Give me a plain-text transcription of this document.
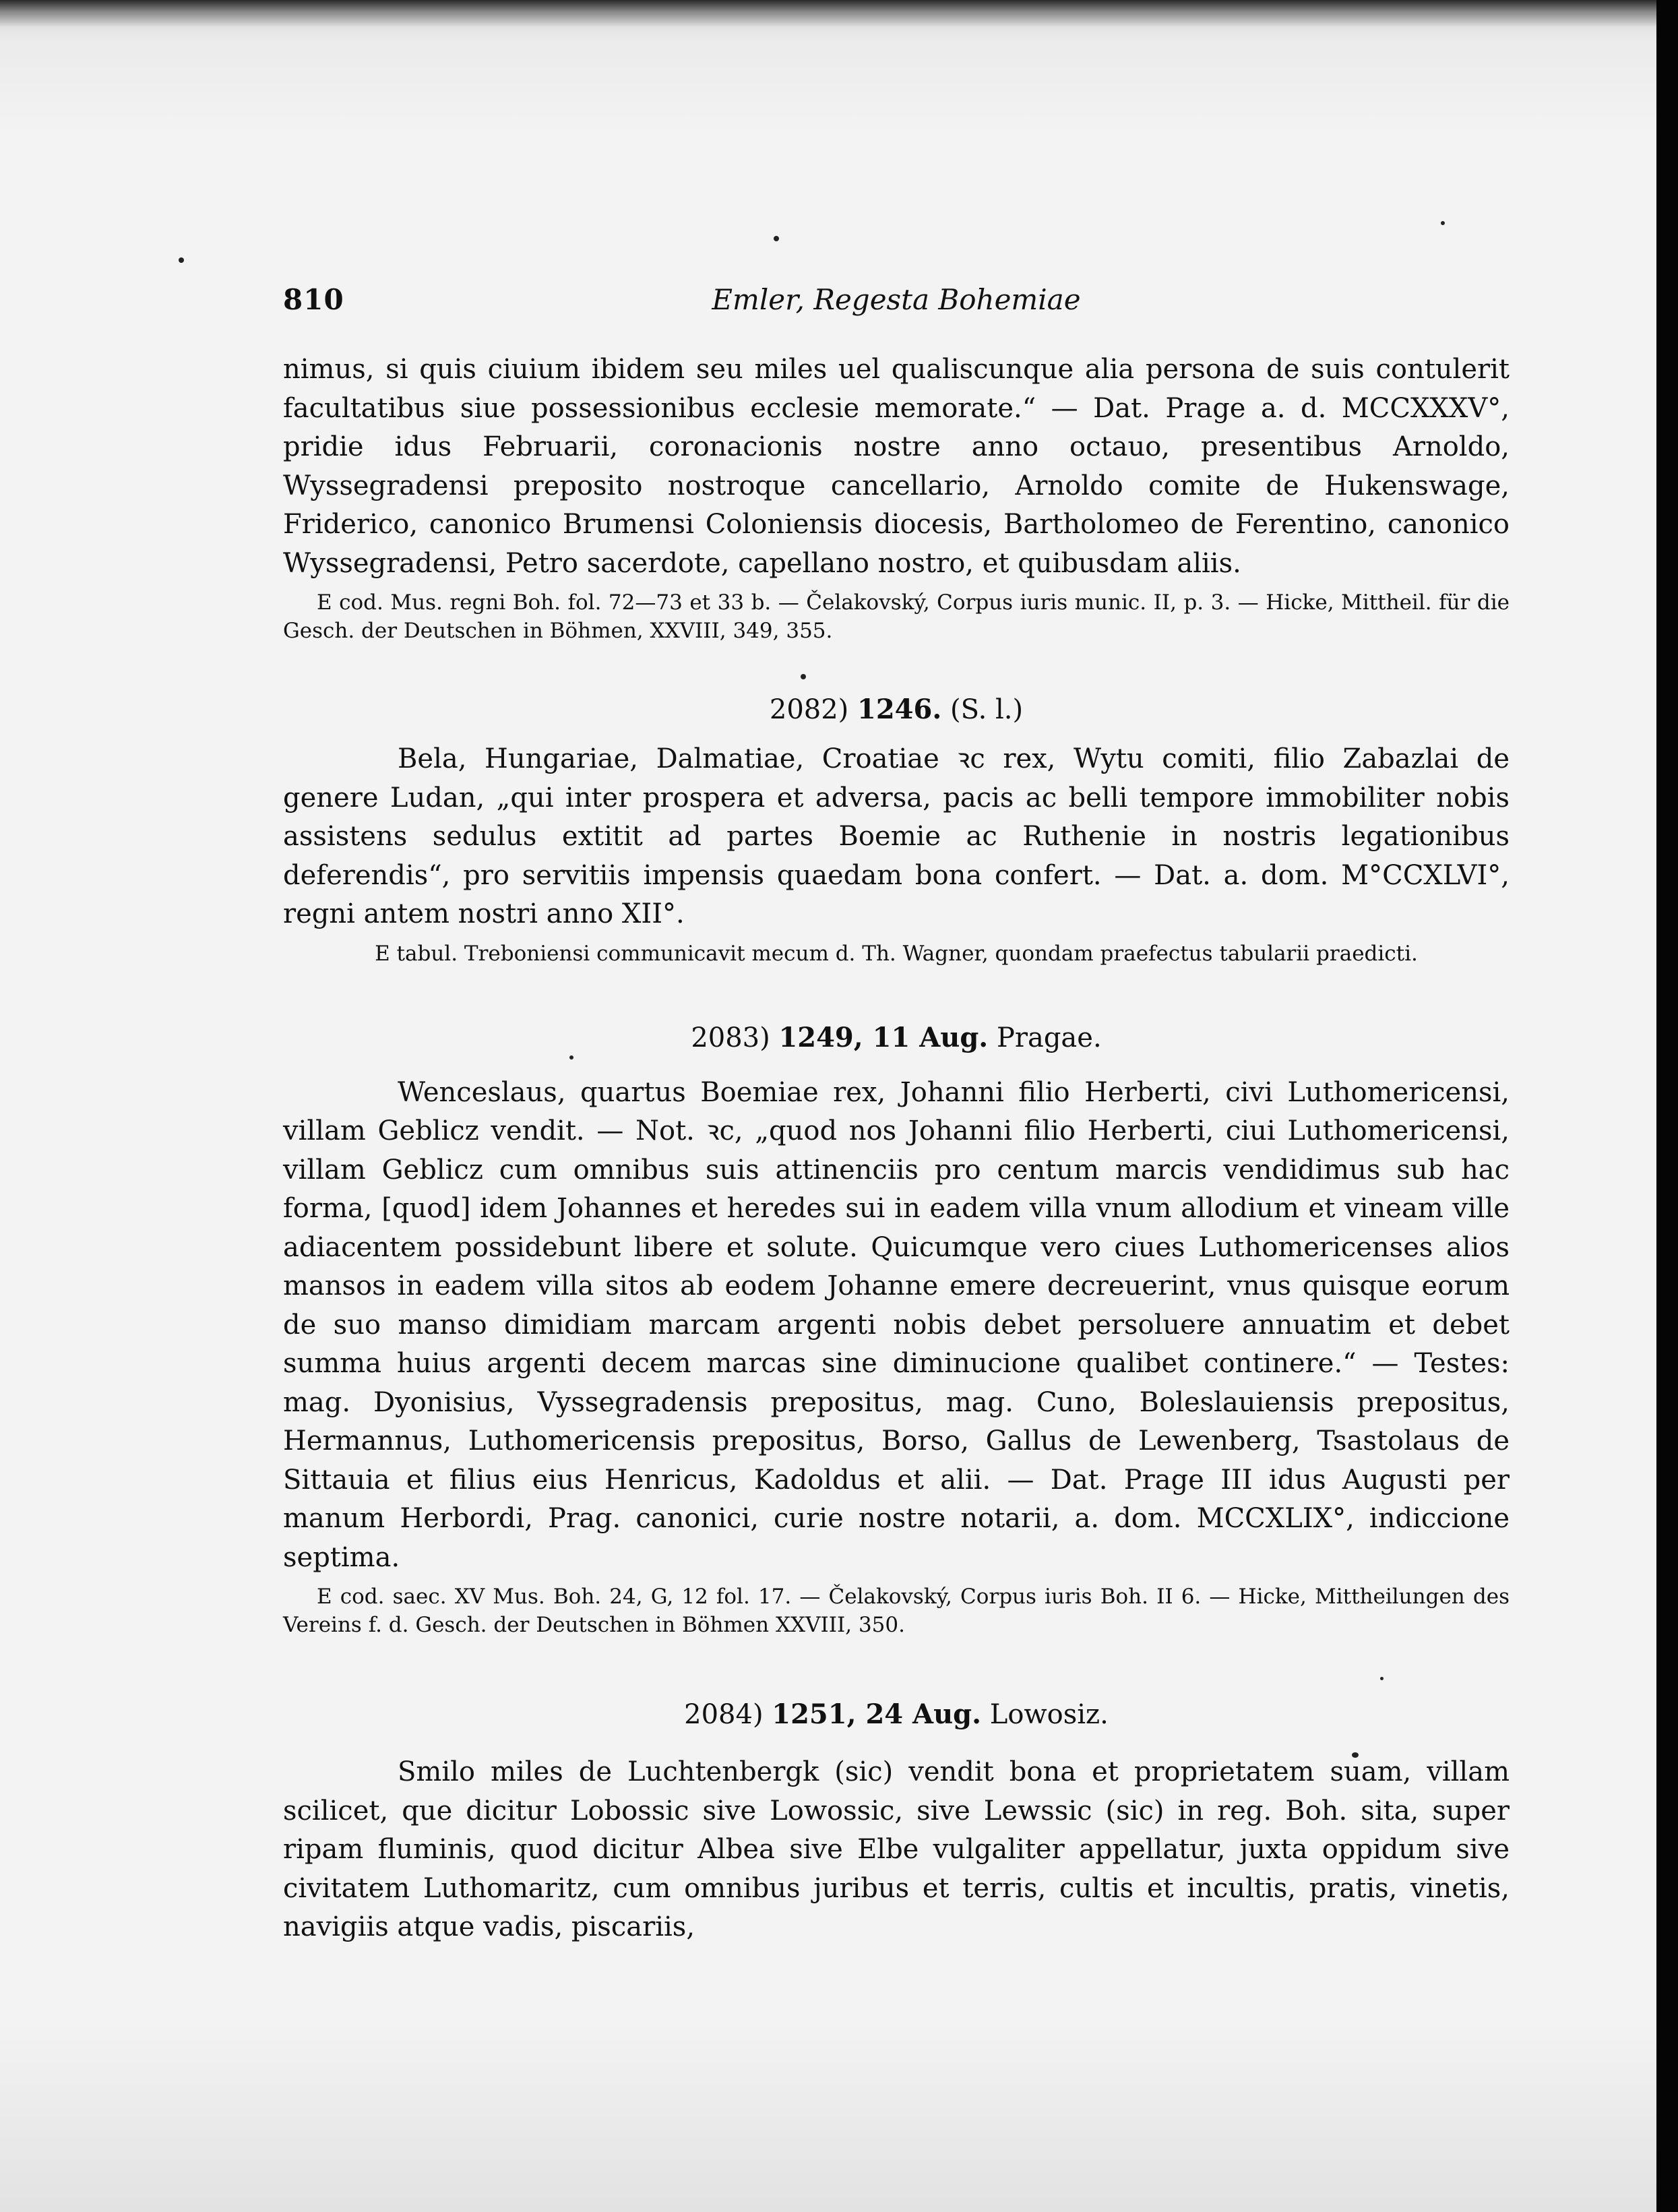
810	Emler, Regesta Bohemiae

nimus, si quis ciuium ibidem seu miles uel qualiscunque alia persona de suis contulerit facultatibus siue possessionibus ecclesie memorate.“ — Dat. Prage a. d. MCCXXXV°, pridie idus Februarii, coronacionis nostre anno octauo, presentibus Arnoldo, Wyssegradensi preposito nostroque cancellario, Arnoldo comite de Hukenswage, Friderico, canonico Brumensi Coloniensis diocesis, Bartholomeo de Ferentino, canonico Wyssegradensi, Petro sacerdote, capellano nostro, et quibusdam aliis.

E cod. Mus. regni Boh. fol. 72—73 et 33 b. — Čelakovský, Corpus iuris munic. II, p. 3. — Hicke, Mittheil. für die Gesch. der Deutschen in Böhmen, XXVIII, 349, 355.

2082) 1246. (S. l.)

Bela, Hungariae, Dalmatiae, Croatiae ꝛc rex, Wytu comiti, filio Zabazlai de genere Ludan, „qui inter prospera et adversa, pacis ac belli tempore immobiliter nobis assistens sedulus extitit ad partes Boemie ac Ruthenie in nostris legationibus deferendis“, pro servitiis impensis quaedam bona confert. — Dat. a. dom. M°CCXLVI°, regni antem nostri anno XII°.

E tabul. Treboniensi communicavit mecum d. Th. Wagner, quondam praefectus tabularii praedicti.

2083) 1249, 11 Aug. Pragae.

Wenceslaus, quartus Boemiae rex, Johanni filio Herberti, civi Luthomericensi, villam Geblicz vendit. — Not. ꝛc, „quod nos Johanni filio Herberti, ciui Luthomericensi, villam Geblicz cum omnibus suis attinenciis pro centum marcis vendidimus sub hac forma, [quod] idem Johannes et heredes sui in eadem villa vnum allodium et vineam ville adiacentem possidebunt libere et solute. Quicumque vero ciues Luthomericenses alios mansos in eadem villa sitos ab eodem Johanne emere decreuerint, vnus quisque eorum de suo manso dimidiam marcam argenti nobis debet persoluere annuatim et debet summa huius argenti decem marcas sine diminucione qualibet continere.“ — Testes: mag. Dyonisius, Vyssegradensis prepositus, mag. Cuno, Boleslauiensis prepositus, Hermannus, Luthomericensis prepositus, Borso, Gallus de Lewenberg, Tsastolaus de Sittauia et filius eius Henricus, Kadoldus et alii. — Dat. Prage III idus Augusti per manum Herbordi, Prag. canonici, curie nostre notarii, a. dom. MCCXLIX°, indiccione septima.

E cod. saec. XV Mus. Boh. 24, G, 12 fol. 17. — Čelakovský, Corpus iuris Boh. II 6. — Hicke, Mittheilungen des Vereins f. d. Gesch. der Deutschen in Böhmen XXVIII, 350.

2084) 1251, 24 Aug. Lowosiz.

Smilo miles de Luchtenbergk (sic) vendit bona et proprietatem suam, villam scilicet, que dicitur Lobossic sive Lowossic, sive Lewssic (sic) in reg. Boh. sita, super ripam fluminis, quod dicitur Albea sive Elbe vulgaliter appellatur, juxta oppidum sive civitatem Luthomaritz, cum omnibus juribus et terris, cultis et incultis, pratis, vinetis, navigiis atque vadis, piscariis,
